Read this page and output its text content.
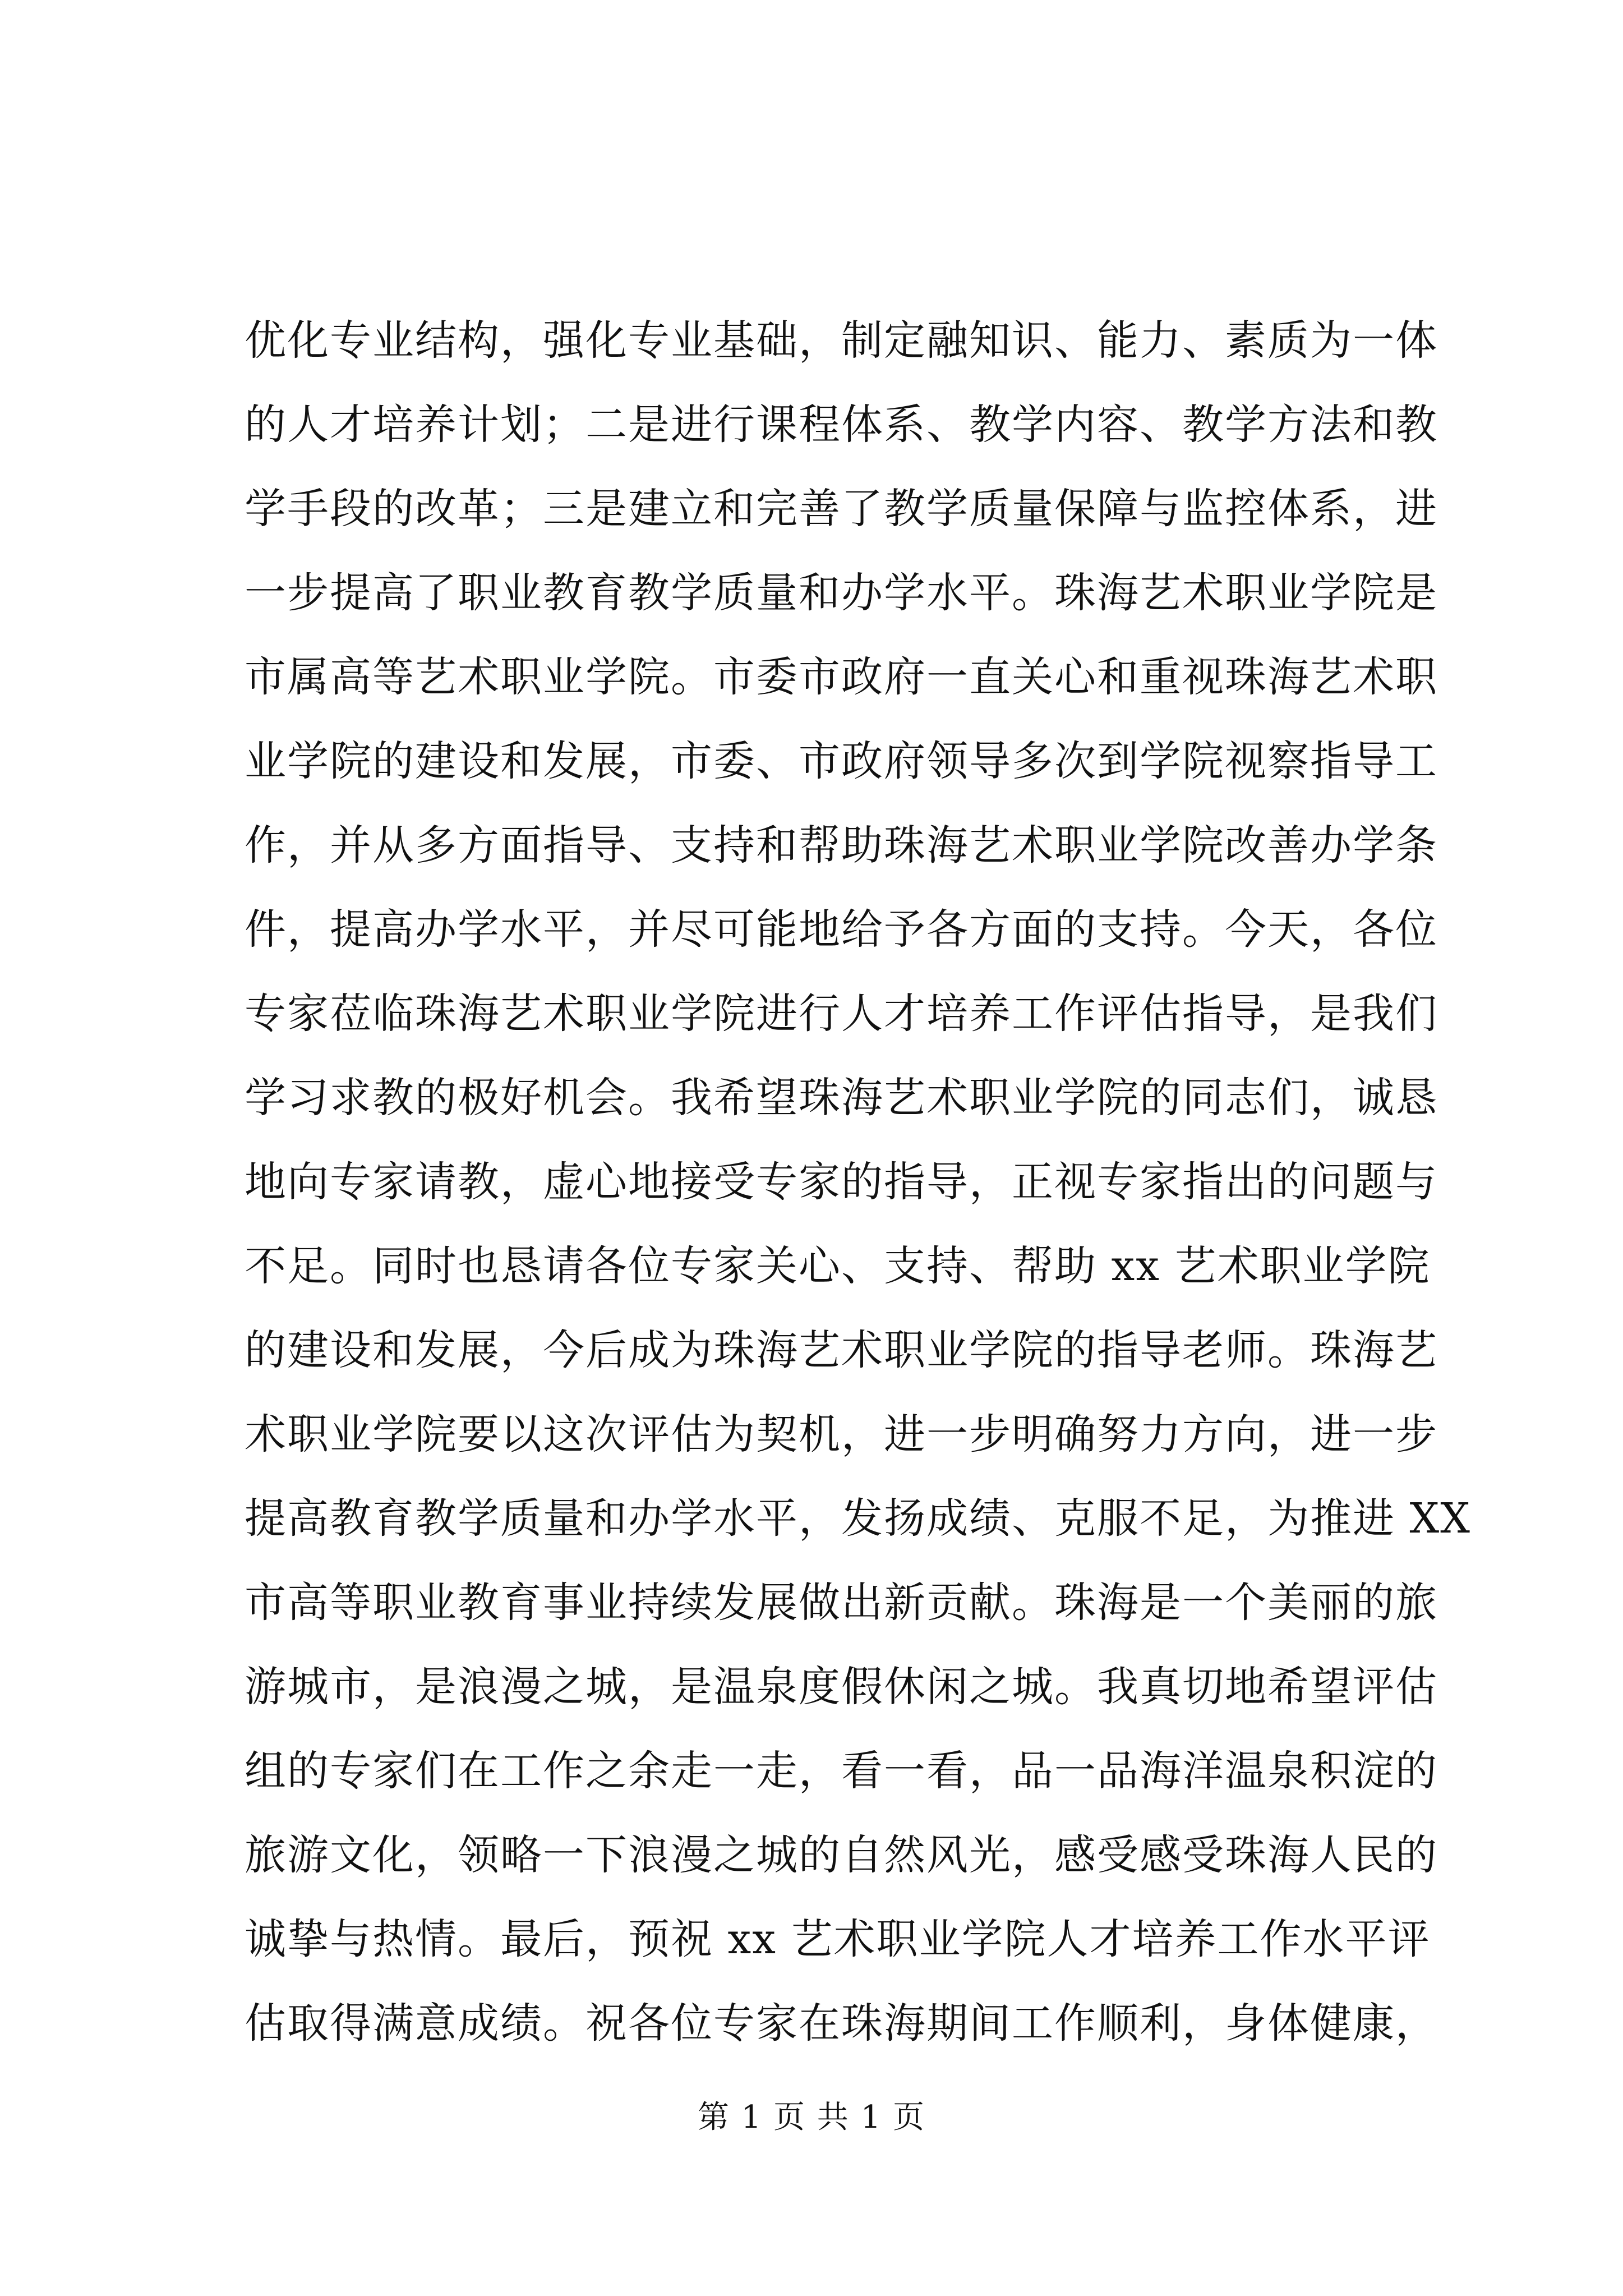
优化专业结构，强化专业基础，制定融知识、能力、素质为一体
的人才培养计划；二是进行课程体系、教学内容、教学方法和教
学手段的改革；三是建立和完善了教学质量保障与监控体系，进
一步提高了职业教育教学质量和办学水平。珠海艺术职业学院是
市属高等艺术职业学院。市委市政府一直关心和重视珠海艺术职
业学院的建设和发展，市委、市政府领导多次到学院视察指导工
作，并从多方面指导、支持和帮助珠海艺术职业学院改善办学条
件，提高办学水平，并尽可能地给予各方面的支持。今天，各位
专家莅临珠海艺术职业学院进行人才培养工作评估指导，是我们
学习求教的极好机会。我希望珠海艺术职业学院的同志们，诚恳
地向专家请教，虚心地接受专家的指导，正视专家指出的问题与
不足。同时也恳请各位专家关心、支持、帮助 xx 艺术职业学院
的建设和发展，今后成为珠海艺术职业学院的指导老师。珠海艺
术职业学院要以这次评估为契机，进一步明确努力方向，进一步
提高教育教学质量和办学水平，发扬成绩、克服不足，为推进 XX
市高等职业教育事业持续发展做出新贡献。珠海是一个美丽的旅
游城市，是浪漫之城，是温泉度假休闲之城。我真切地希望评估
组的专家们在工作之余走一走，看一看，品一品海洋温泉积淀的
旅游文化，领略一下浪漫之城的自然风光，感受感受珠海人民的
诚挚与热情。最后，预祝 xx 艺术职业学院人才培养工作水平评
估取得满意成绩。祝各位专家在珠海期间工作顺利，身体健康，
第 1 页 共 1 页
